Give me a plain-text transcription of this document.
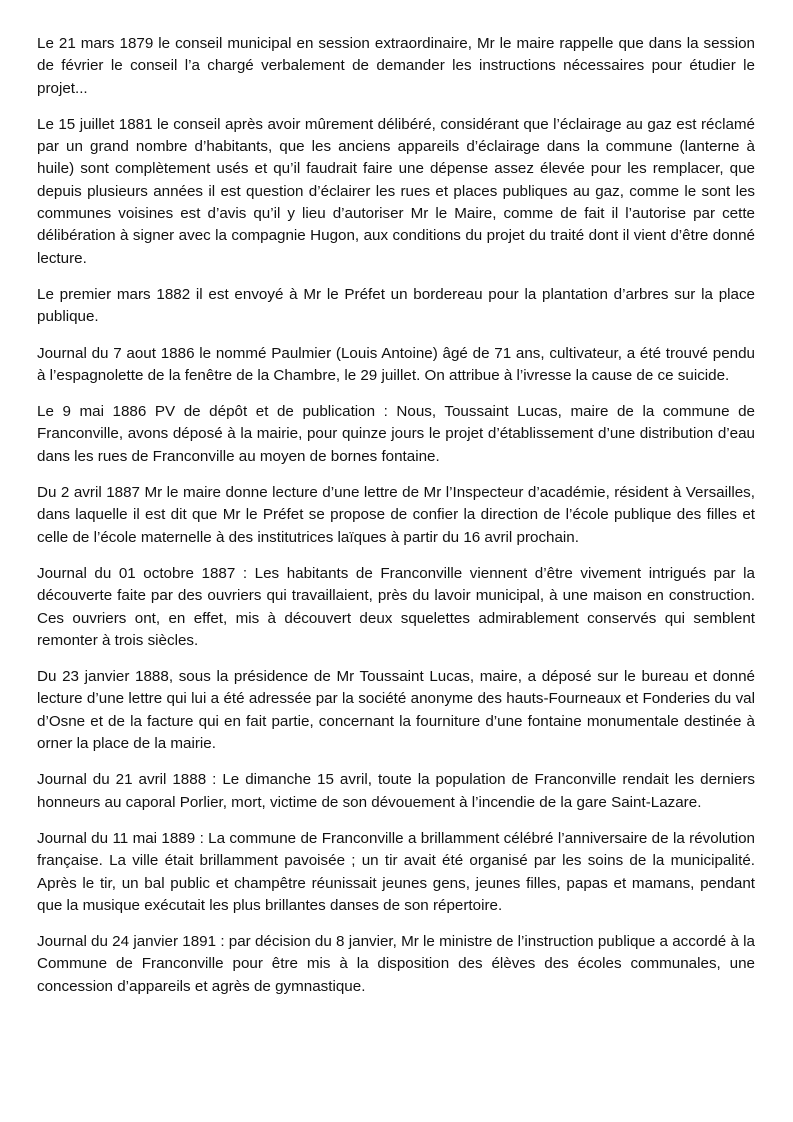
Le 21 mars 1879 le conseil municipal en session extraordinaire, Mr le maire rappelle que dans la session de février le conseil l’a chargé verbalement de demander les instructions nécessaires pour étudier le projet...

Le 15 juillet 1881 le conseil après avoir mûrement délibéré, considérant que l’éclairage au gaz est réclamé par un grand nombre d’habitants, que les anciens appareils d’éclairage dans la commune (lanterne à huile) sont complètement usés et qu’il faudrait faire une dépense assez élevée pour les remplacer, que depuis plusieurs années il est question d’éclairer les rues et places publiques au gaz, comme le sont les communes voisines est d’avis qu’il y lieu d’autoriser Mr le Maire, comme de fait il l’autorise par cette délibération à signer avec la compagnie Hugon, aux conditions du projet du traité dont il vient d’être donné lecture.

Le premier mars 1882 il est envoyé à Mr le Préfet un bordereau pour la plantation d’arbres sur la place publique.

Journal du 7 aout 1886 le nommé Paulmier (Louis Antoine) âgé de 71 ans, cultivateur, a été trouvé pendu à l’espagnolette de la fenêtre de la Chambre, le 29 juillet. On attribue à l’ivresse la cause de ce suicide.

Le 9 mai 1886 PV de dépôt et de publication : Nous, Toussaint Lucas, maire de la commune de Franconville, avons déposé à la mairie, pour quinze jours le projet d’établissement d’une distribution d’eau dans les rues de Franconville au moyen de bornes fontaine.

Du 2 avril 1887 Mr le maire donne lecture d’une lettre de Mr l’Inspecteur d’académie, résident à Versailles, dans laquelle il est dit que Mr le Préfet se propose de confier la direction de l’école publique des filles et celle de l’école maternelle à des institutrices laïques à partir du 16 avril prochain.

Journal du 01 octobre 1887 : Les habitants de Franconville viennent d’être vivement intrigués par la découverte faite par des ouvriers qui travaillaient, près du lavoir municipal, à une maison en construction. Ces ouvriers ont, en effet, mis à découvert deux squelettes admirablement conservés qui semblent remonter à trois siècles.

Du 23 janvier 1888, sous la présidence de Mr Toussaint Lucas, maire, a déposé sur le bureau et donné lecture d’une lettre qui lui a été adressée par la société anonyme des hauts-Fourneaux et Fonderies du val d’Osne et de la facture qui en fait partie, concernant la fourniture d’une fontaine monumentale destinée à orner la place de la mairie.

Journal du 21 avril 1888 : Le dimanche 15 avril, toute la population de Franconville rendait les derniers honneurs au caporal Porlier, mort, victime de son dévouement à l’incendie de la gare Saint-Lazare.

Journal du 11 mai 1889 : La commune de Franconville a brillamment célébré l’anniversaire de la révolution française. La ville était brillamment pavoisée ; un tir avait été organisé par les soins de la municipalité. Après le tir, un bal public et champêtre réunissait jeunes gens, jeunes filles, papas et mamans, pendant que la musique exécutait les plus brillantes danses de son répertoire.

Journal du 24 janvier 1891 : par décision du 8 janvier, Mr le ministre de l’instruction publique a accordé à la Commune de Franconville pour être mis à la disposition des élèves des écoles communales, une concession d’appareils et agrès de gymnastique.
